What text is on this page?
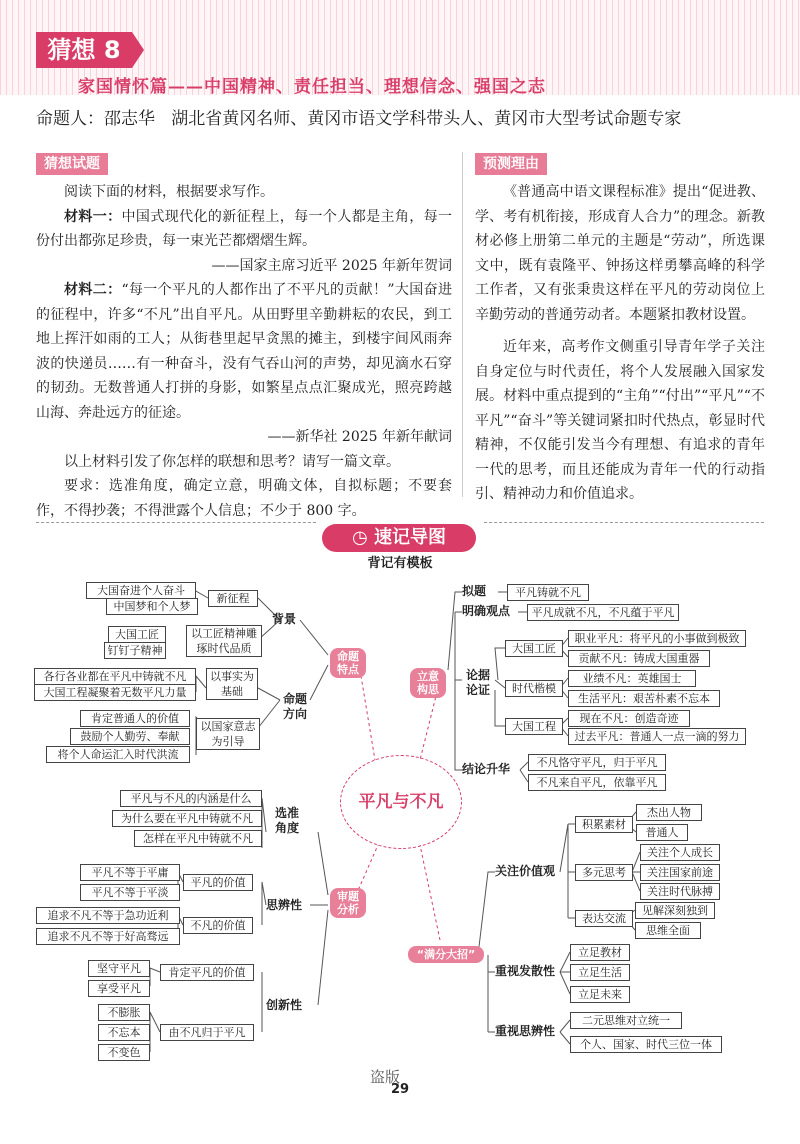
猜想 8
家国情怀篇——中国精神、责任担当、理想信念、强国之志
命题人：邵志华 湖北省黄冈名师、黄冈市语文学科带头人、黄冈市大型考试命题专家
猜想试题

阅读下面的材料，根据要求写作。

材料一：中国式现代化的新征程上，每一个人都是主角，每一份付出都弥足珍贵，每一束光芒都熠熠生辉。

——国家主席习近平 2025 年新年贺词

材料二：“每一个平凡的人都作出了不平凡的贡献！”大国奋进的征程中，许多“不凡”出自平凡。从田野里辛勤耕耘的农民，到工地上挥汗如雨的工人；从街巷里起早贪黑的摊主，到楼宇间风雨奔波的快递员……有一种奋斗，没有气吞山河的声势，却见滴水石穿的韧劲。无数普通人打拼的身影，如繁星点点汇聚成光，照亮跨越山海、奔赴远方的征途。

——新华社 2025 年新年献词

以上材料引发了你怎样的联想和思考？请写一篇文章。

要求：选准角度，确定立意，明确文体，自拟标题；不要套作，不得抄袭；不得泄露个人信息；不少于 800 字。

预测理由

《普通高中语文课程标准》提出“促进教、学、考有机衔接，形成育人合力”的理念。新教材必修上册第二单元的主题是“劳动”，所选课文中，既有袁隆平、钟扬这样勇攀高峰的科学工作者，又有张秉贵这样在平凡的劳动岗位上辛勤劳动的普通劳动者。本题紧扣教材设置。

近年来，高考作文侧重引导青年学子关注自身定位与时代责任，将个人发展融入国家发展。材料中重点提到的“主角”“付出”“平凡”“不平凡”“奋斗”等关键词紧扣时代热点，彰显时代精神，不仅能引发当今有理想、有追求的青年一代的思考，而且还能成为青年一代的行动指引、精神动力和价值追求。

◷ 速记导图
背记有模板
命题特点
背景
命题方向
新征程
以工匠精神雕琢时代品质
以事实为基础
以国家意志为引导
大国奋进个人奋斗
中国梦和个人梦
大国工匠
钉钉子精神
各行各业都在平凡中铸就不凡
大国工程凝聚着无数平凡力量
肯定普通人的价值
鼓励个人勤劳、奉献
将个人命运汇入时代洪流
立意构思
拟题
明确观点
论据论证
结论升华
平凡铸就不凡
平凡成就不凡，不凡蕴于平凡
大国工匠
时代楷模
大国工程
职业平凡：将平凡的小事做到极致
贡献不凡：铸成大国重器
业绩不凡：英雄国士
生活平凡：艰苦朴素不忘本
现在不凡：创造奇迹
过去平凡：普通人一点一滴的努力
不凡恪守平凡，归于平凡
不凡来自平凡，依靠平凡
平凡与不凡
审题分析
选准角度
思辨性
创新性
平凡与不凡的内涵是什么
为什么要在平凡中铸就不凡
怎样在平凡中铸就不凡
平凡的价值
不凡的价值
肯定平凡的价值
由不凡归于平凡
平凡不等于平庸
平凡不等于平淡
追求不凡不等于急功近利
追求不凡不等于好高骛远
坚守平凡
享受平凡
不膨胀
不忘本
不变色
“满分大招”
关注价值观
重视发散性
重视思辨性
积累素材
多元思考
表达交流
杰出人物
普通人
关注个人成长
关注国家前途
关注时代脉搏
见解深刻独到
思维全面
立足教材
立足生活
立足未来
二元思维对立统一
个人、国家、时代三位一体
盗版
29
